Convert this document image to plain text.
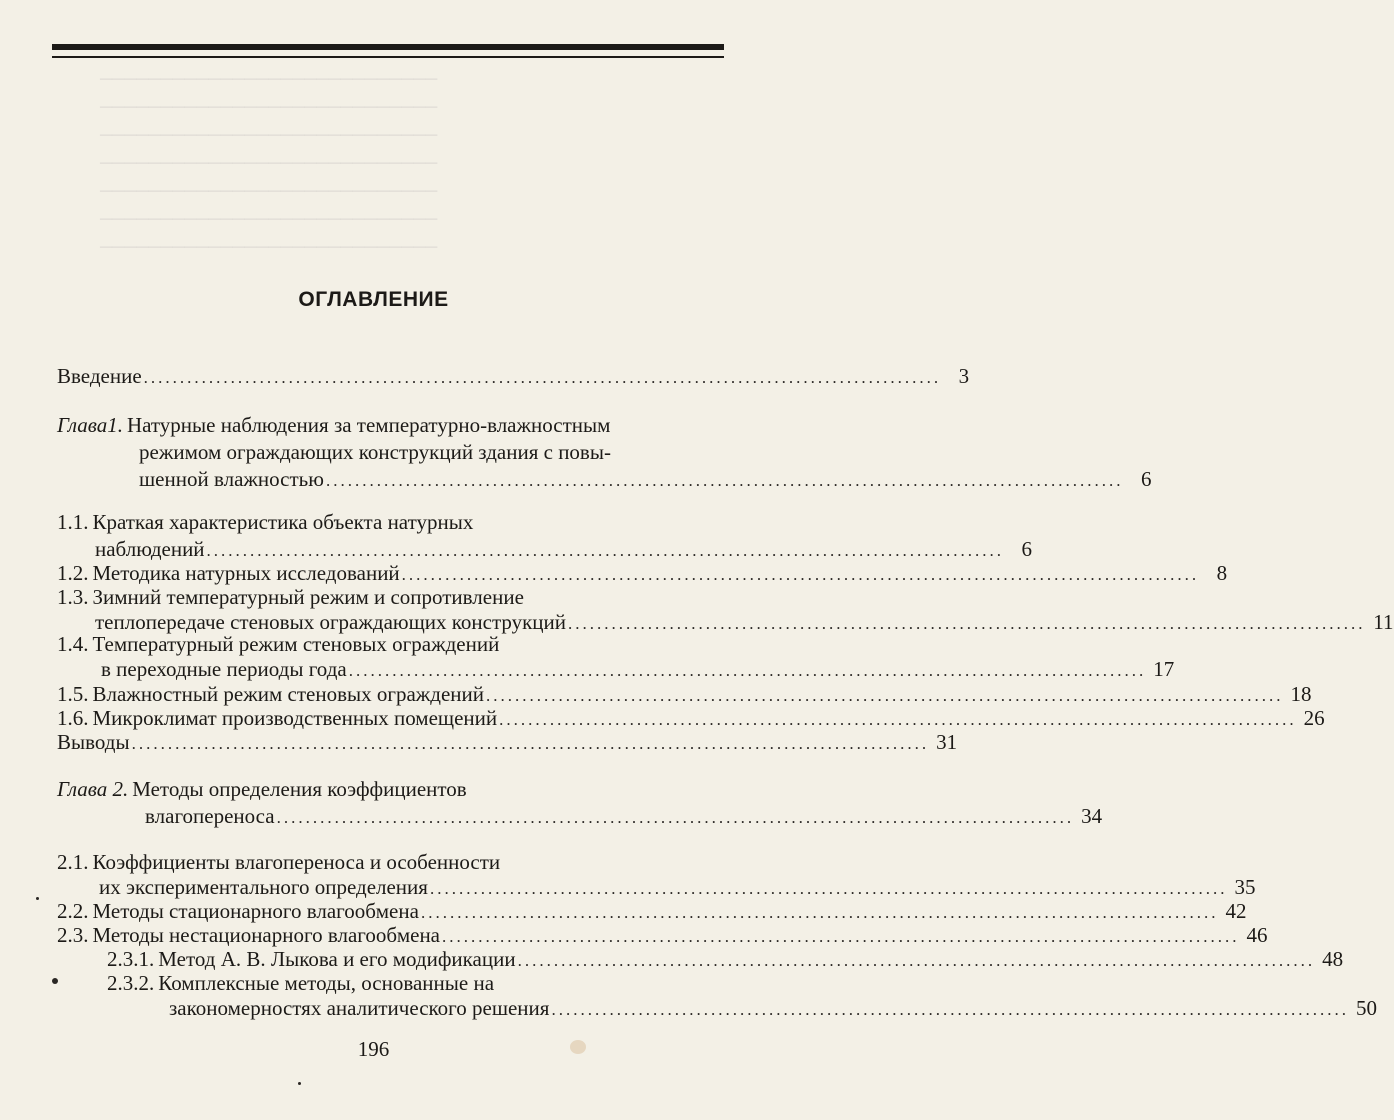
────────────────────────────
────────────────────────────
────────────────────────────
────────────────────────────
────────────────────────────
────────────────────────────
────────────────────────────
ОГЛАВЛЕНИЕ
Введение .............................................................................................................. 3
Глава1. Натурные наблюдения за температурно-влажностным
режимом ограждающих конструкций здания с повы-
шенной влажностью .............................................................................................................. 6
1.1. Краткая характеристика объекта натурных
наблюдений .............................................................................................................. 6
1.2. Методика натурных исследований .............................................................................................................. 8
1.3. Зимний температурный режим и сопротивление
теплопередаче стеновых ограждающих конструкций .............................................................................................................. 11
1.4. Температурный режим стеновых ограждений
в переходные периоды года .............................................................................................................. 17
1.5. Влажностный режим стеновых ограждений .............................................................................................................. 18
1.6. Микроклимат производственных помещений .............................................................................................................. 26
Выводы .............................................................................................................. 31
Глава 2. Методы определения коэффициентов
влагопереноса .............................................................................................................. 34
2.1. Коэффициенты влагопереноса и особенности
их экспериментального определения .............................................................................................................. 35
2.2. Методы стационарного влагообмена .............................................................................................................. 42
2.3. Методы нестационарного влагообмена .............................................................................................................. 46
2.3.1. Метод А. В. Лыкова и его модификации .............................................................................................................. 48
2.3.2. Комплексные методы, основанные на
закономерностях аналитического решения .............................................................................................................. 50
196
